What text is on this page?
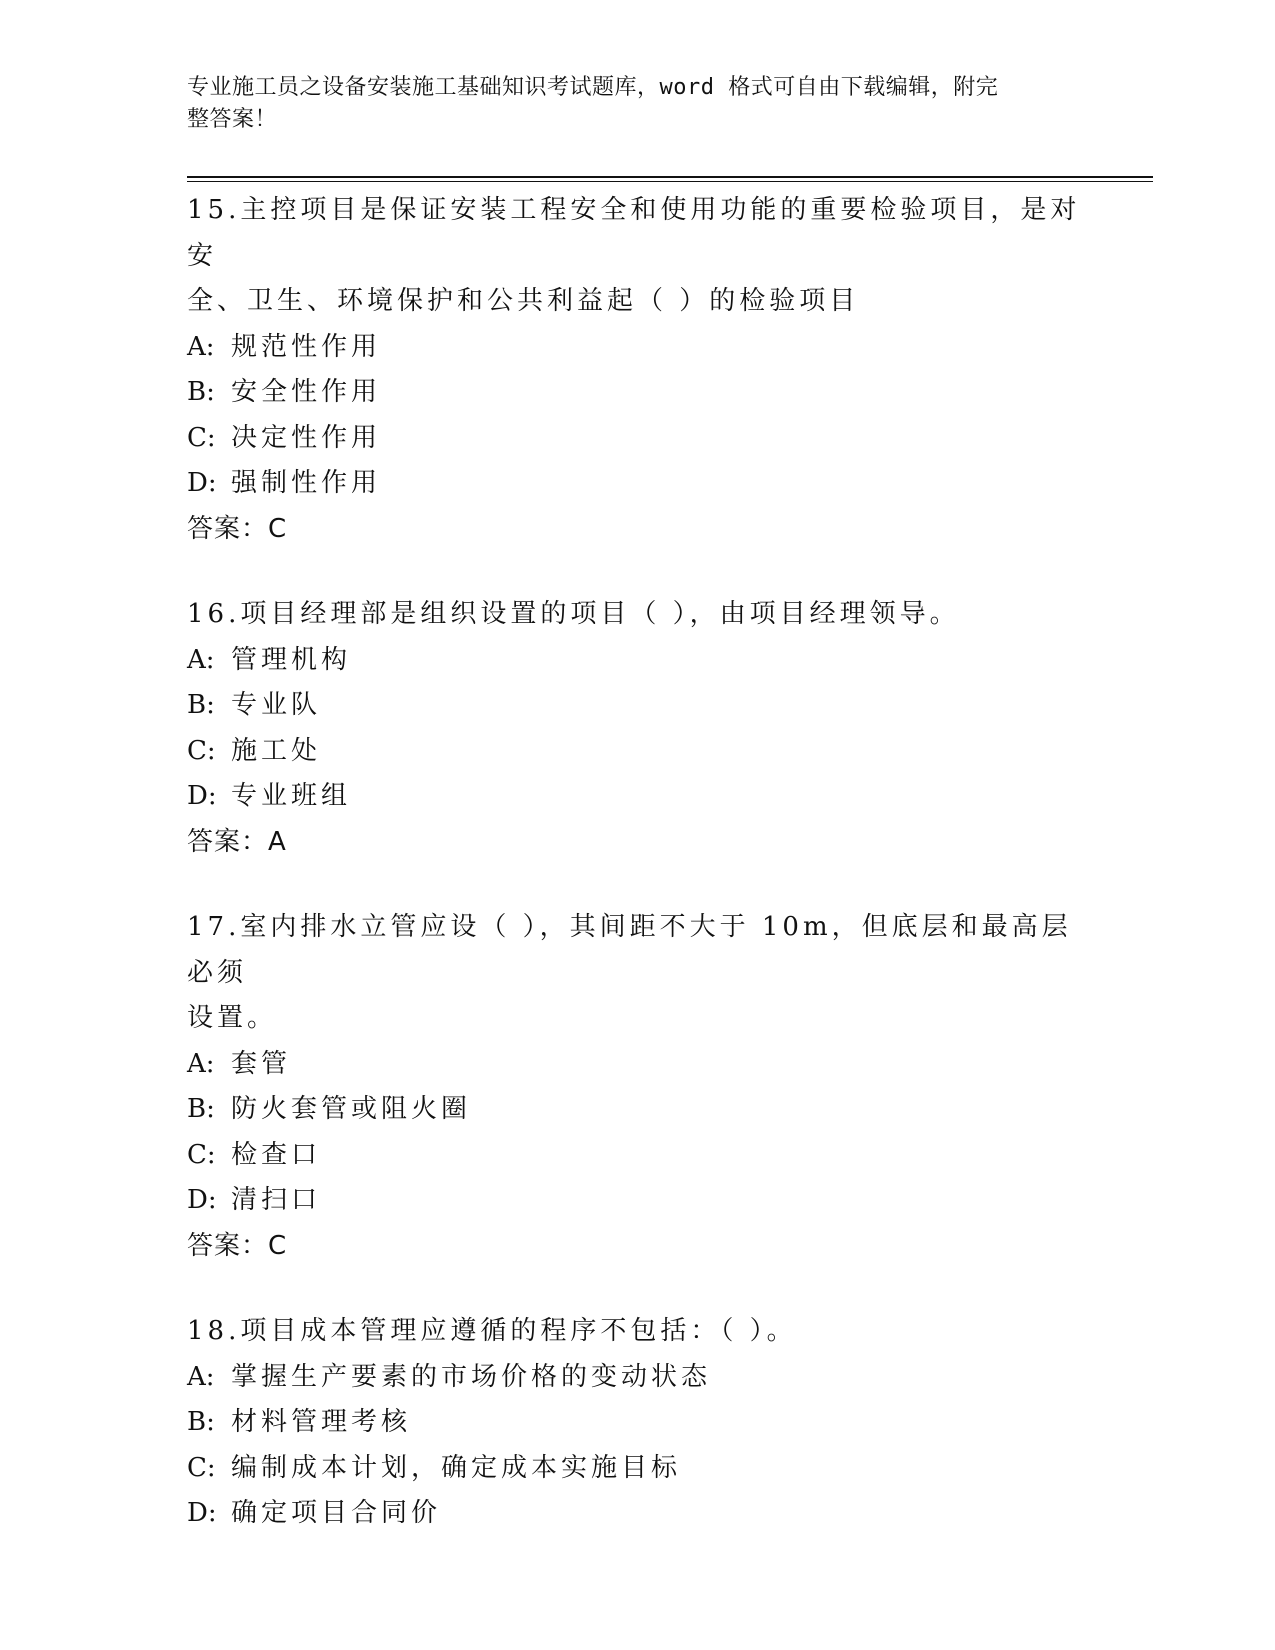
专业施工员之设备安装施工基础知识考试题库，word 格式可自由下载编辑，附完
整答案！
15.主控项目是保证安装工程安全和使用功能的重要检验项目，是对安
全、卫生、环境保护和公共利益起（ ）的检验项目
A: 规范性作用
B: 安全性作用
C: 决定性作用
D: 强制性作用
答案：C
16.项目经理部是组织设置的项目（ ），由项目经理领导。
A: 管理机构
B: 专业队
C: 施工处
D: 专业班组
答案：A
17.室内排水立管应设（ ），其间距不大于 10m，但底层和最高层必须
设置。
A: 套管
B: 防火套管或阻火圈
C: 检查口
D: 清扫口
答案：C
18.项目成本管理应遵循的程序不包括：（ ）。
A: 掌握生产要素的市场价格的变动状态
B: 材料管理考核
C: 编制成本计划，确定成本实施目标
D: 确定项目合同价
